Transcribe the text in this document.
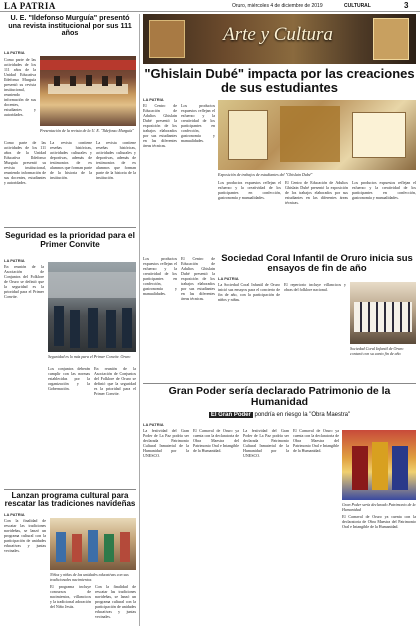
LA PATRIA	Oruro, miércoles 4 de diciembre de 2019	CULTURAL	3
U. E. "Ildefonso Murguía" presentó una revista institucional por sus 111 años
LA PATRIA
Como parte de las actividades de los 111 años de la Unidad Educativa Ildefonso Murguía presentó su revista institucional, reuniendo información de sus docentes, estudiantes y autoridades.
Presentación de la revista de la U. E. "Ildefonso Murguía"
Como parte de las actividades de los 111 años de la Unidad Educativa Ildefonso Murguía presentó su revista institucional, reuniendo información de sus docentes, estudiantes y autoridades.
La revista contiene reseñas históricas, actividades culturales y deportivas, además de testimonios de ex alumnos que forman parte de la historia de la institución.
La revista contiene reseñas históricas, actividades culturales y deportivas, además de testimonios de ex alumnos que forman parte de la historia de la institución.
Seguridad es la prioridad para el Primer Convite
LA PATRIA
En reunión de la Asociación de Conjuntos del Folklore de Oruro se definió que la seguridad es la prioridad para el Primer Convite.
Seguridad es lo más para el Primer Convite. Oruro
Los conjuntos deberán cumplir con las normas establecidas por la organización y la Gobernación.
En reunión de la Asociación de Conjuntos del Folklore de Oruro se definió que la seguridad es la prioridad para el Primer Convite.
Lanzan programa cultural para rescatar las tradiciones navideñas
LA PATRIA
Con la finalidad de rescatar las tradiciones navideñas, se lanzó un programa cultural con la participación de unidades educativas y juntas vecinales.
Niños y niñas de las unidades educativas con sus tradicionales nacimientos
El programa incluye concursos de nacimientos, villancicos y la tradicional adoración del Niño Jesús.
Con la finalidad de rescatar las tradiciones navideñas, se lanzó un programa cultural con la participación de unidades educativas y juntas vecinales.
Arte y Cultura
"Ghislain Dubé" impacta por las creaciones de sus estudiantes
LA PATRIA
El Centro de Educación de Adultos Ghislain Dubé presentó la exposición de los trabajos elaborados por sus estudiantes en las diferentes áreas técnicas.
Los productos expuestos reflejan el esfuerzo y la creatividad de los participantes en confección, gastronomía y manualidades.
Exposición de trabajos de estudiantes del "Ghislain Dubé"
Los productos expuestos reflejan el esfuerzo y la creatividad de los participantes en confección, gastronomía y manualidades.
El Centro de Educación de Adultos Ghislain Dubé presentó la exposición de los trabajos elaborados por sus estudiantes en las diferentes áreas técnicas.
Los productos expuestos reflejan el esfuerzo y la creatividad de los participantes en confección, gastronomía y manualidades.
Sociedad Coral Infantil de Oruro inicia sus ensayos de fin de año
LA PATRIA
Los productos expuestos reflejan el esfuerzo y la creatividad de los participantes en confección, gastronomía y manualidades.
El Centro de Educación de Adultos Ghislain Dubé presentó la exposición de los trabajos elaborados por sus estudiantes en las diferentes áreas técnicas.
La Sociedad Coral Infantil de Oruro inició sus ensayos para el concierto de fin de año, con la participación de niños y niñas.
El repertorio incluye villancicos y obras del folklore nacional.
Sociedad Coral Infantil de Oruro contará con su canto fin de año
Gran Poder sería declarado Patrimonio de la Humanidad
El Gran Poder pondría en riesgo la "Obra Maestra"
LA PATRIA
La festividad del Gran Poder de La Paz podría ser declarada Patrimonio Cultural Inmaterial de la Humanidad por la UNESCO.
El Carnaval de Oruro ya cuenta con la declaratoria de Obra Maestra del Patrimonio Oral e Intangible de la Humanidad.
La festividad del Gran Poder de La Paz podría ser declarada Patrimonio Cultural Inmaterial de la Humanidad por la UNESCO.
El Carnaval de Oruro ya cuenta con la declaratoria de Obra Maestra del Patrimonio Oral e Intangible de la Humanidad.
Gran Poder sería declarado Patrimonio de la Humanidad
El Carnaval de Oruro ya cuenta con la declaratoria de Obra Maestra del Patrimonio Oral e Intangible de la Humanidad.
